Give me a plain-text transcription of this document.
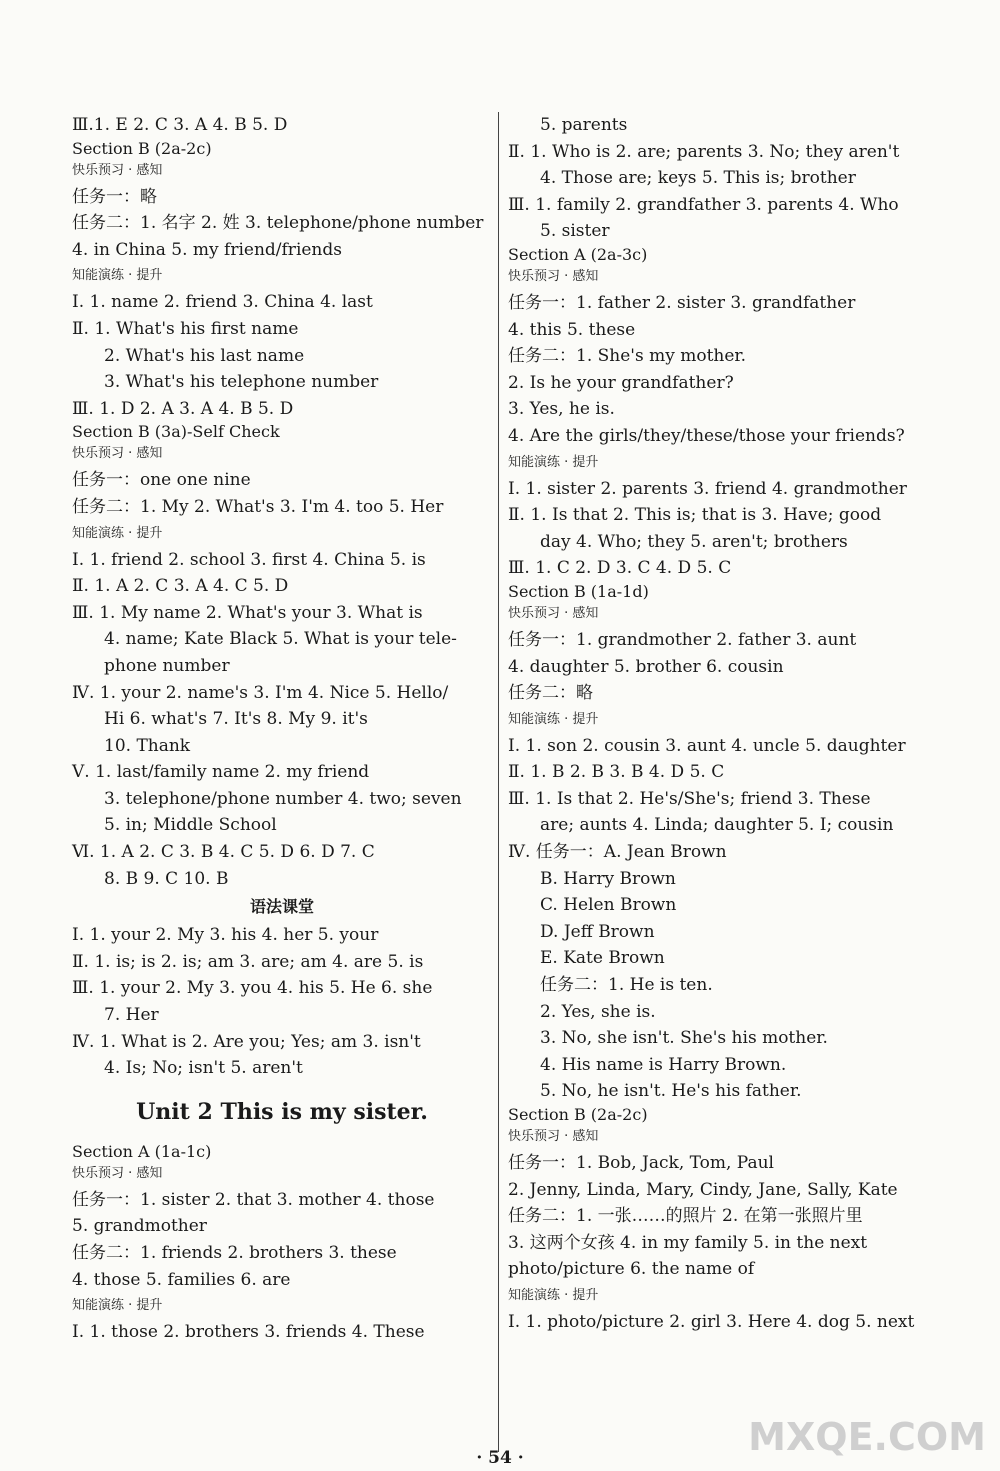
Ⅲ.1. E 2. C 3. A 4. B 5. D
Section B (2a-2c)
快乐预习 · 感知
任务一：略
任务二：1. 名字 2. 姓 3. telephone/phone number
4. in China 5. my friend/friends
知能演练 · 提升
Ⅰ. 1. name 2. friend 3. China 4. last
Ⅱ. 1. What's his first name
2. What's his last name
3. What's his telephone number
Ⅲ. 1. D 2. A 3. A 4. B 5. D
Section B (3a)-Self Check
快乐预习 · 感知
任务一：one one nine
任务二：1. My 2. What's 3. I'm 4. too 5. Her
知能演练 · 提升
Ⅰ. 1. friend 2. school 3. first 4. China 5. is
Ⅱ. 1. A 2. C 3. A 4. C 5. D
Ⅲ. 1. My name 2. What's your 3. What is
4. name; Kate Black 5. What is your tele-
phone number
Ⅳ. 1. your 2. name's 3. I'm 4. Nice 5. Hello/
Hi 6. what's 7. It's 8. My 9. it's
10. Thank
Ⅴ. 1. last/family name 2. my friend
3. telephone/phone number 4. two; seven
5. in; Middle School
Ⅵ. 1. A 2. C 3. B 4. C 5. D 6. D 7. C
8. B 9. C 10. B
语法课堂
Ⅰ. 1. your 2. My 3. his 4. her 5. your
Ⅱ. 1. is; is 2. is; am 3. are; am 4. are 5. is
Ⅲ. 1. your 2. My 3. you 4. his 5. He 6. she
7. Her
Ⅳ. 1. What is 2. Are you; Yes; am 3. isn't
4. Is; No; isn't 5. aren't
Unit 2 This is my sister.
Section A (1a-1c)
快乐预习 · 感知
任务一：1. sister 2. that 3. mother 4. those
5. grandmother
任务二：1. friends 2. brothers 3. these
4. those 5. families 6. are
知能演练 · 提升
Ⅰ. 1. those 2. brothers 3. friends 4. These
5. parents
Ⅱ. 1. Who is 2. are; parents 3. No; they aren't
4. Those are; keys 5. This is; brother
Ⅲ. 1. family 2. grandfather 3. parents 4. Who
5. sister
Section A (2a-3c)
快乐预习 · 感知
任务一：1. father 2. sister 3. grandfather
4. this 5. these
任务二：1. She's my mother.
2. Is he your grandfather?
3. Yes, he is.
4. Are the girls/they/these/those your friends?
知能演练 · 提升
Ⅰ. 1. sister 2. parents 3. friend 4. grandmother
Ⅱ. 1. Is that 2. This is; that is 3. Have; good
day 4. Who; they 5. aren't; brothers
Ⅲ. 1. C 2. D 3. C 4. D 5. C
Section B (1a-1d)
快乐预习 · 感知
任务一：1. grandmother 2. father 3. aunt
4. daughter 5. brother 6. cousin
任务二：略
知能演练 · 提升
Ⅰ. 1. son 2. cousin 3. aunt 4. uncle 5. daughter
Ⅱ. 1. B 2. B 3. B 4. D 5. C
Ⅲ. 1. Is that 2. He's/She's; friend 3. These
are; aunts 4. Linda; daughter 5. I; cousin
Ⅳ. 任务一：A. Jean Brown
B. Harry Brown
C. Helen Brown
D. Jeff Brown
E. Kate Brown
任务二：1. He is ten.
2. Yes, she is.
3. No, she isn't. She's his mother.
4. His name is Harry Brown.
5. No, he isn't. He's his father.
Section B (2a-2c)
快乐预习 · 感知
任务一：1. Bob, Jack, Tom, Paul
2. Jenny, Linda, Mary, Cindy, Jane, Sally, Kate
任务二：1. 一张……的照片 2. 在第一张照片里
3. 这两个女孩 4. in my family 5. in the next
photo/picture 6. the name of
知能演练 · 提升
Ⅰ. 1. photo/picture 2. girl 3. Here 4. dog 5. next
· 54 ·	MXQE.COM
